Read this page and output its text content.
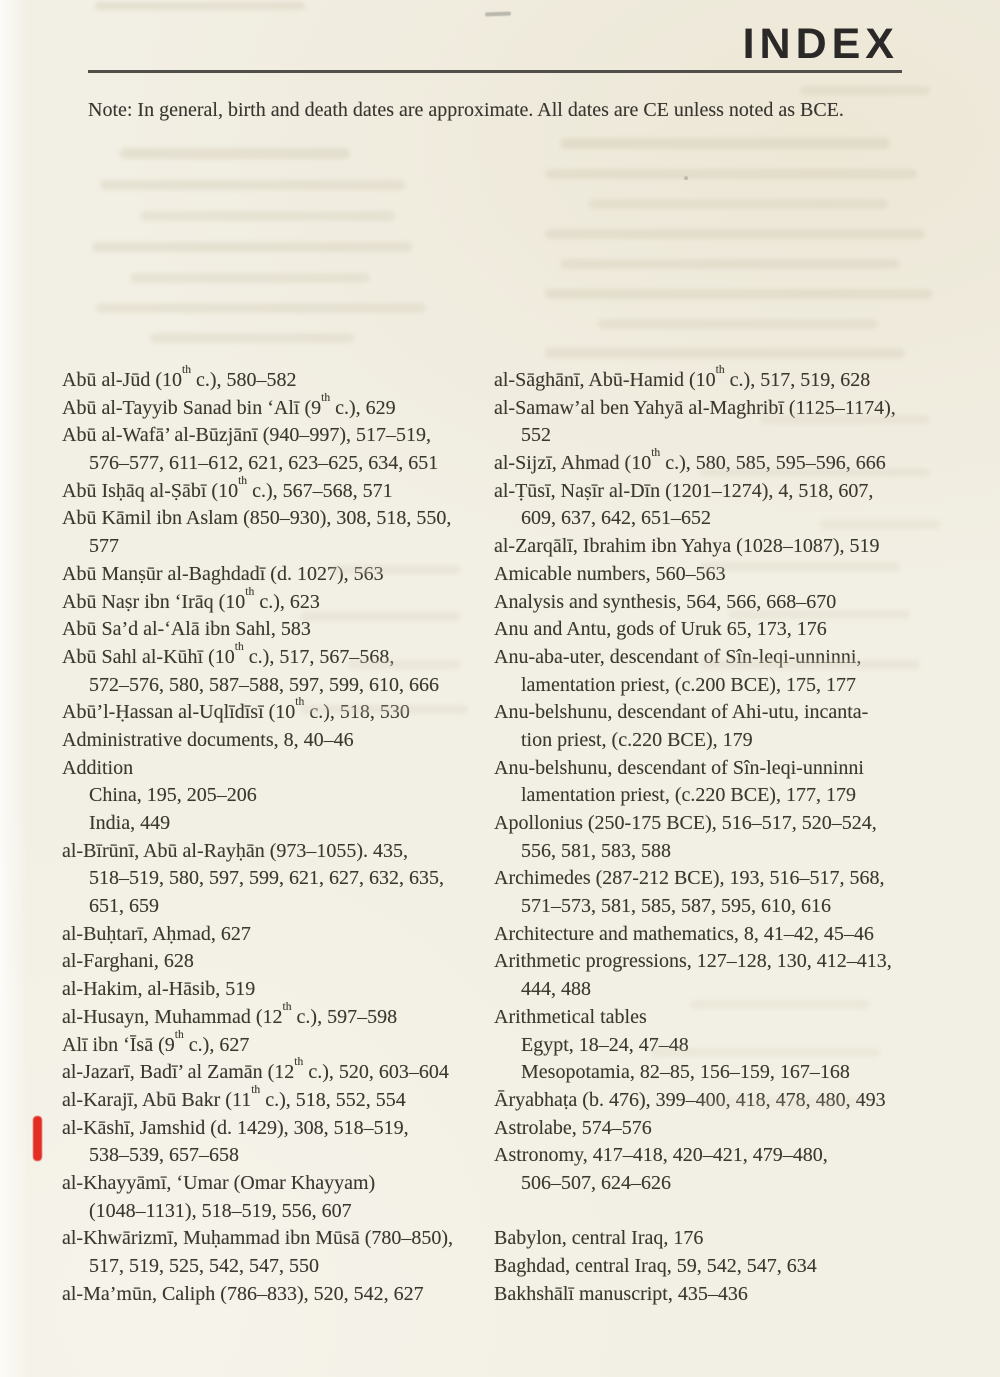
INDEX
Note: In general, birth and death dates are approximate. All dates are CE unless noted as BCE.
Abū al-Jūd (10th c.), 580–582
Abū al-Tayyib Sanad bin ‘Alī (9th c.), 629
Abū al-Wafā’ al-Būzjānī (940–997), 517–519,
576–577, 611–612, 621, 623–625, 634, 651
Abū Isḥāq al-Ṣābī (10th c.), 567–568, 571
Abū Kāmil ibn Aslam (850–930), 308, 518, 550,
577
Abū Manṣūr al-Baghdadī (d. 1027), 563
Abū Naṣr ibn ‘Irāq (10th c.), 623
Abū Sa’d al-‘Alā ibn Sahl, 583
Abū Sahl al-Kūhī (10th c.), 517, 567–568,
572–576, 580, 587–588, 597, 599, 610, 666
Abū’l-Ḥassan al-Uqlīdīsī (10th c.), 518, 530
Administrative documents, 8, 40–46
Addition
China, 195, 205–206
India, 449
al-Bīrūnī, Abū al-Rayḥān (973–1055). 435,
518–519, 580, 597, 599, 621, 627, 632, 635,
651, 659
al-Buḥtarī, Aḥmad, 627
al-Farghani, 628
al-Hakim, al-Hāsib, 519
al-Husayn, Muhammad (12th c.), 597–598
Alī ibn ‘Īsā (9th c.), 627
al-Jazarī, Badī’ al Zamān (12th c.), 520, 603–604
al-Karajī, Abū Bakr (11th c.), 518, 552, 554
al-Kāshī, Jamshid (d. 1429), 308, 518–519,
538–539, 657–658
al-Khayyāmī, ‘Umar (Omar Khayyam)
(1048–1131), 518–519, 556, 607
al-Khwārizmī, Muḥammad ibn Mūsā (780–850),
517, 519, 525, 542, 547, 550
al-Ma’mūn, Caliph (786–833), 520, 542, 627
al-Sāghānī, Abū-Hamid (10th c.), 517, 519, 628
al-Samaw’al ben Yahyā al-Maghribī (1125–1174),
552
al-Sijzī, Ahmad (10th c.), 580, 585, 595–596, 666
al-Ṭūsī, Naṣīr al-Dīn (1201–1274), 4, 518, 607,
609, 637, 642, 651–652
al-Zarqālī, Ibrahim ibn Yahya (1028–1087), 519
Amicable numbers, 560–563
Analysis and synthesis, 564, 566, 668–670
Anu and Antu, gods of Uruk 65, 173, 176
Anu-aba-uter, descendant of Sîn-leqi-unninni,
lamentation priest, (c.200 BCE), 175, 177
Anu-belshunu, descendant of Ahi-utu, incanta-
tion priest, (c.220 BCE), 179
Anu-belshunu, descendant of Sîn-leqi-unninni
lamentation priest, (c.220 BCE), 177, 179
Apollonius (250-175 BCE), 516–517, 520–524,
556, 581, 583, 588
Archimedes (287-212 BCE), 193, 516–517, 568,
571–573, 581, 585, 587, 595, 610, 616
Architecture and mathematics, 8, 41–42, 45–46
Arithmetic progressions, 127–128, 130, 412–413,
444, 488
Arithmetical tables
Egypt, 18–24, 47–48
Mesopotamia, 82–85, 156–159, 167–168
Āryabhaṭa (b. 476), 399–400, 418, 478, 480, 493
Astrolabe, 574–576
Astronomy, 417–418, 420–421, 479–480,
506–507, 624–626

Babylon, central Iraq, 176
Baghdad, central Iraq, 59, 542, 547, 634
Bakhshālī manuscript, 435–436
